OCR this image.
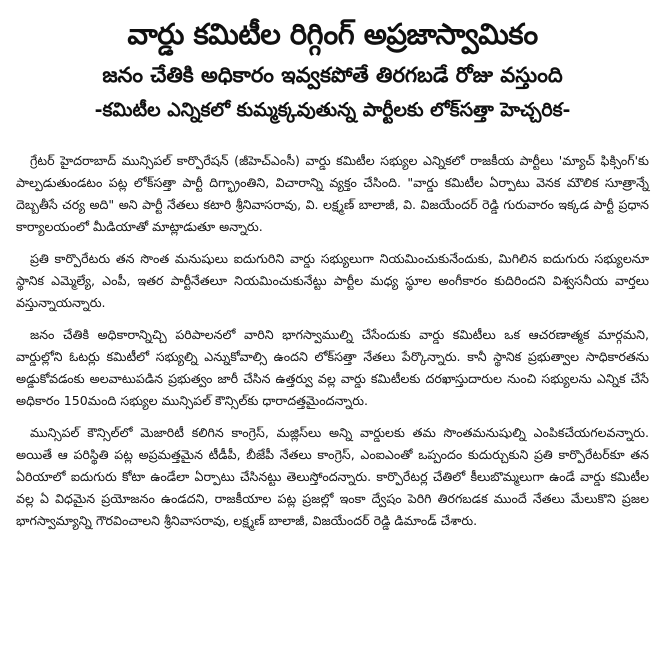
వార్డు కమిటీల రిగ్గింగ్ అప్రజాస్వామికం
జనం చేతికి అధికారం ఇవ్వకపోతే తిరగబడే రోజు వస్తుంది
-కమిటీల ఎన్నికలో కుమ్మక్కవుతున్న పార్టీలకు లోక్‌సత్తా హెచ్చరిక-

గ్రేటర్ హైదరాబాద్ మున్సిపల్ కార్పొరేషన్ (జీహెచ్ఎంసీ) వార్డు కమిటీల సభ్యుల ఎన్నికలో రాజకీయ పార్టీలు 'మ్యాచ్ ఫిక్సింగ్'కు పాల్పడుతుండటం పట్ల లోక్‌సత్తా పార్టీ దిగ్భ్రాంతిని, విచారాన్ని వ్యక్తం చేసింది. "వార్డు కమిటీల ఏర్పాటు వెనక మౌలిక సూత్రాన్నే దెబ్బతీసే చర్య అది" అని పార్టీ నేతలు కటారి శ్రీనివాసరావు, వి. లక్ష్మణ్ బాలాజీ, వి. విజయేందర్ రెడ్డి గురువారం ఇక్కడ పార్టీ ప్రధాన కార్యాలయంలో మీడియాతో మాట్లాడుతూ అన్నారు.

ప్రతి కార్పొరేటరు తన సొంత మనుషులు ఐదుగురిని వార్డు సభ్యులుగా నియమించుకునేందుకు, మిగిలిన ఐదుగురు సభ్యులనూ స్థానిక ఎమ్మెల్యే, ఎంపీ, ఇతర పార్టీనేతలూ నియమించుకునేట్టు పార్టీల మధ్య స్థూల అంగీకారం కుదిరిందని విశ్వసనీయ వార్తలు వస్తున్నాయన్నారు.

జనం చేతికి అధికారాన్నిచ్చి పరిపాలనలో వారిని భాగస్వాముల్ని చేసేందుకు వార్డు కమిటీలు ఒక ఆచరణాత్మక మార్గమని, వార్డుల్లోని ఓటర్లు కమిటీలో సభ్యుల్ని ఎన్నుకోవాల్సి ఉందని లోక్‌సత్తా నేతలు పేర్కొన్నారు. కానీ స్థానిక ప్రభుత్వాల సాధికారతను అడ్డుకోవడంకు అలవాటుపడిన ప్రభుత్వం జారీ చేసిన ఉత్తర్వు వల్ల వార్డు కమిటీలకు దరఖాస్తుదారుల నుంచి సభ్యులను ఎన్నిక చేసే అధికారం 150మంది సభ్యుల మున్సిపల్ కౌన్సిల్‌కు ధారాదత్తమైందన్నారు.

మున్సిపల్ కౌన్సిల్‌లో మెజారిటీ కలిగిన కాంగ్రెస్, మజ్లిస్‌లు అన్ని వార్డులకు తమ సొంతమనుషుల్ని ఎంపికచేయగలవన్నారు. అయితే ఆ పరిస్థితి పట్ల అప్రమత్తమైన టీడీపీ, బీజేపీ నేతలు కాంగ్రెస్, ఎంఐఎంతో ఒప్పందం కుదుర్చుకుని ప్రతి కార్పొరేటర్‌కూ తన ఏరియాలో ఐదుగురు కోటా ఉండేలా ఏర్పాటు చేసినట్టు తెలుస్తోందన్నారు. కార్పొరేటర్ల చేతిలో కీలుబొమ్మలుగా ఉండే వార్డు కమిటీల వల్ల ఏ విధమైన ప్రయోజనం ఉండదని, రాజకీయాల పట్ల ప్రజల్లో ఇంకా ద్వేషం పెరిగి తిరగబడక ముందే నేతలు మేలుకొని ప్రజల భాగస్వామ్యాన్ని గౌరవించాలని శ్రీనివాసరావు, లక్ష్మణ్ బాలాజీ, విజయేందర్ రెడ్డి డిమాండ్ చేశారు.
